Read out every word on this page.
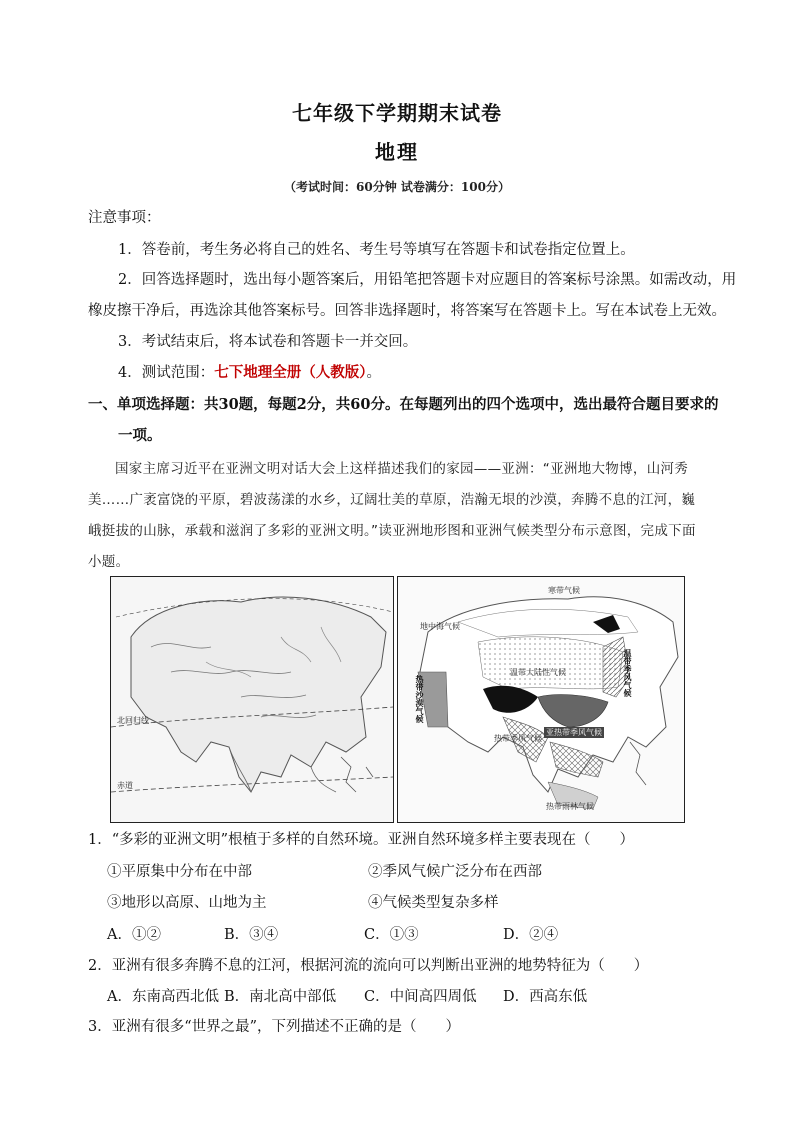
七年级下学期期末试卷
地理
（考试时间：60分钟 试卷满分：100分）
注意事项：
1．答卷前，考生务必将自己的姓名、考生号等填写在答题卡和试卷指定位置上。
2．回答选择题时，选出每小题答案后，用铅笔把答题卡对应题目的答案标号涂黑。如需改动，用
橡皮擦干净后，再选涂其他答案标号。回答非选择题时，将答案写在答题卡上。写在本试卷上无效。
3．考试结束后，将本试卷和答题卡一并交回。
4．测试范围：七下地理全册（人教版）。
一、单项选择题：共30题，每题2分，共60分。在每题列出的四个选项中，选出最符合题目要求的
一项。
国家主席习近平在亚洲文明对话大会上这样描述我们的家园——亚洲：“亚洲地大物博，山河秀美……广袤富饶的平原，碧波荡漾的水乡，辽阔壮美的草原，浩瀚无垠的沙漠，奔腾不息的江河，巍峨挺拔的山脉，承载和滋润了多彩的亚洲文明。”读亚洲地形图和亚洲气候类型分布示意图，完成下面小题。
北回归线
赤道
寒带气候
地中海气候
温带大陆性气候
热带沙漠气候
温带季风气候
亚热带季风气候
热带季风气候
热带雨林气候
1．“多彩的亚洲文明”根植于多样的自然环境。亚洲自然环境多样主要表现在（　　）
①平原集中分布在中部	②季风气候广泛分布在西部
③地形以高原、山地为主	④气候类型复杂多样
A．①②	B．③④	C．①③	D．②④
2．亚洲有很多奔腾不息的江河，根据河流的流向可以判断出亚洲的地势特征为（　　）
A．东南高西北低 B．南北高中部低 C．中间高四周低 D．西高东低
3．亚洲有很多“世界之最”，下列描述不正确的是（　　）
